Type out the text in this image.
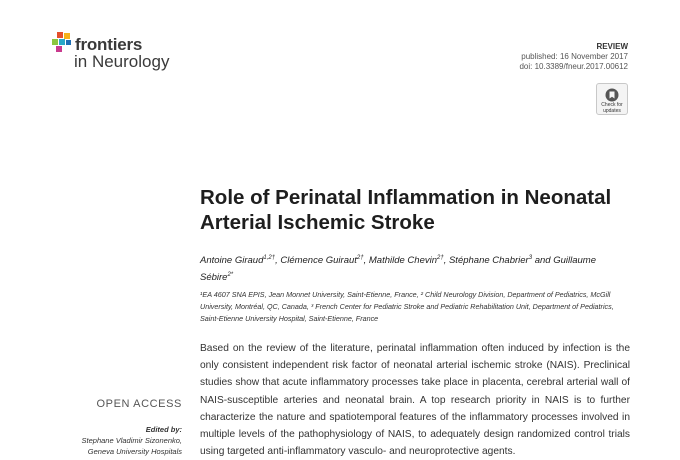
frontiers
in Neurology
REVIEW
published: 16 November 2017
doi: 10.3389/fneur.2017.00612
Check for
updates
Role of Perinatal Inflammation in Neonatal Arterial Ischemic Stroke
Antoine Giraud$^{1,2\dagger}$, Clémence Guiraut$^{2\dagger}$, Mathilde Chevin$^{2\dagger}$, Stéphane Chabrier$^3$ and Guillaume Sébire$^{2*}$
¹EA 4607 SNA EPIS, Jean Monnet University, Saint-Etienne, France, ² Child Neurology Division, Department of Pediatrics, McGill University, Montréal, QC, Canada, ³ French Center for Pediatric Stroke and Pediatric Rehabilitation Unit, Department of Pediatrics, Saint-Etienne University Hospital, Saint-Etienne, France
Based on the review of the literature, perinatal inflammation often induced by infection is the only consistent independent risk factor of neonatal arterial ischemic stroke (NAIS). Preclinical studies show that acute inflammatory processes take place in placenta, cerebral arterial wall of NAIS-susceptible arteries and neonatal brain. A top research priority in NAIS is to further characterize the nature and spatiotemporal features of the inflammatory processes involved in multiple levels of the pathophysiology of NAIS, to adequately design randomized control trials using targeted anti-inflammatory vasculo- and neuroprotective agents.
OPEN ACCESS
Edited by:
Stephane Vladimir Sizonenko,
Geneva University Hospitals
